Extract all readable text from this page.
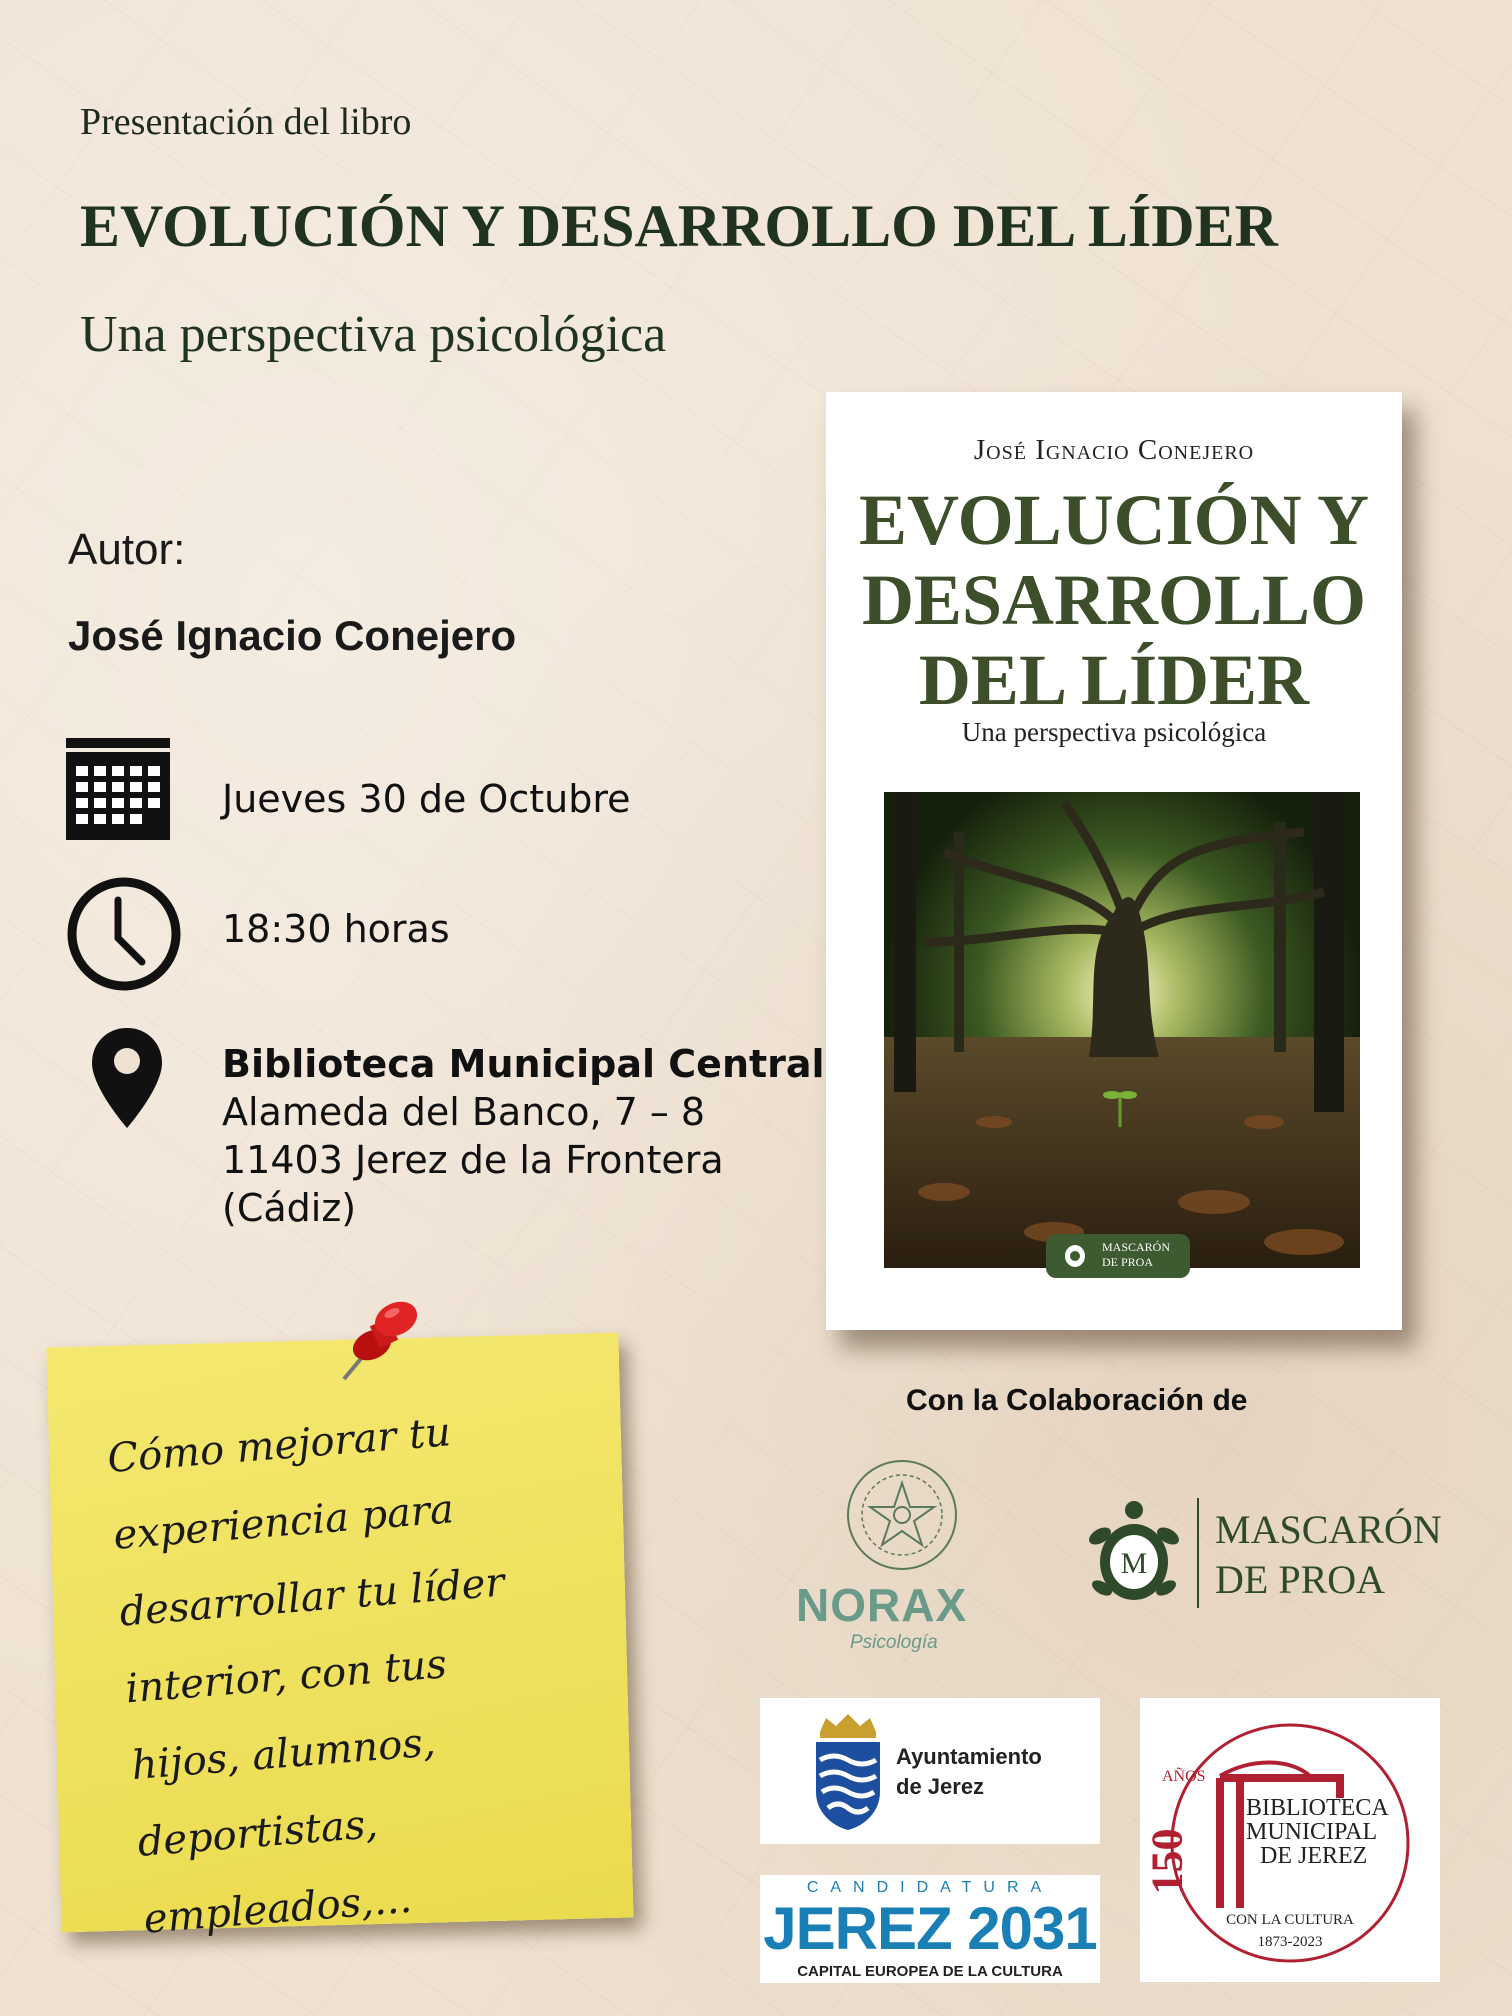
Presentación del libro
EVOLUCIÓN Y DESARROLLO DEL LÍDER
Una perspectiva psicológica
Autor:
José Ignacio Conejero
Jueves 30 de Octubre
18:30 horas
Biblioteca Municipal Central
Alameda del Banco, 7 – 8
11403 Jerez de la Frontera
(Cádiz)
José Ignacio Conejero
EVOLUCIÓN Y
DESARROLLO
DEL LÍDER
Una perspectiva psicológica
MASCARÓN
DE PROA
Con la Colaboración de
Cómo mejorar tu
experiencia para
desarrollar tu líder
interior, con tus
hijos, alumnos,
deportistas,
empleados,...
NORAX
Psicología
M
MASCARÓN
DE PROA
Ayuntamiento
de Jerez
CANDIDATURA
JEREZ 2031
CAPITAL EUROPEA DE LA CULTURA
AÑOS
150
BIBLIOTECA
MUNICIPAL
DE JEREZ
CON LA CULTURA
1873-2023
